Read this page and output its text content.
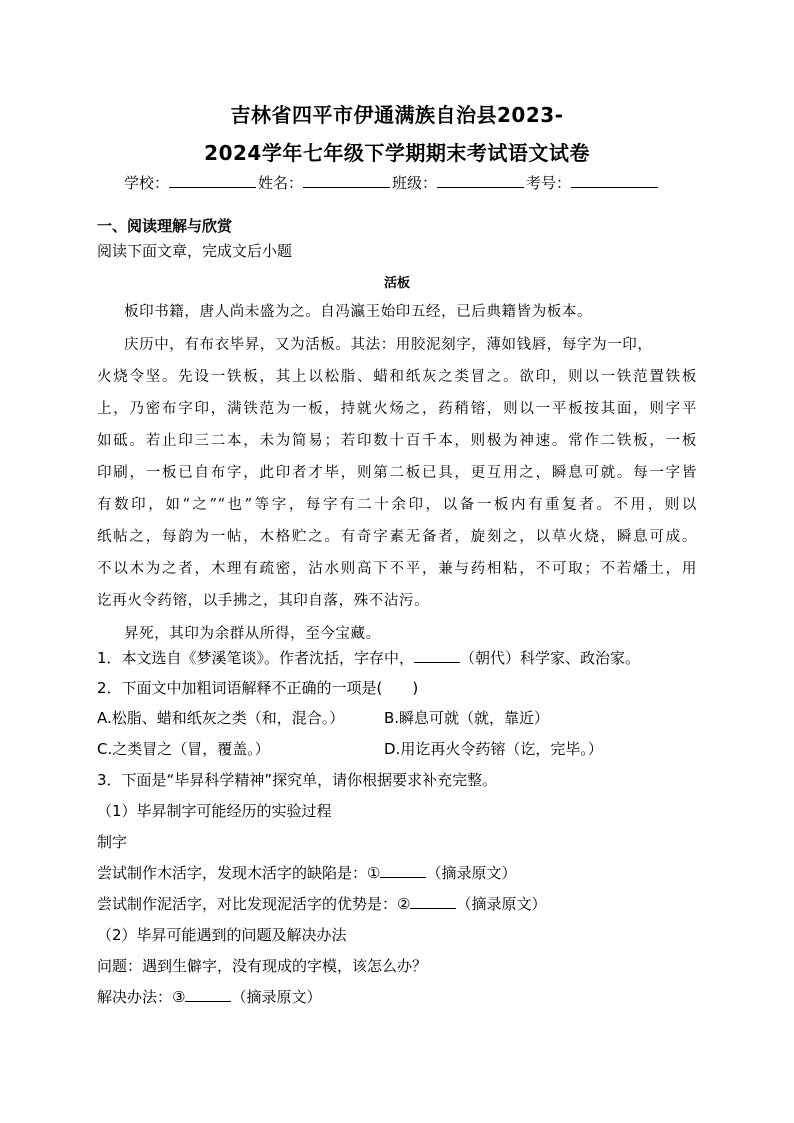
吉林省四平市伊通满族自治县2023-
2024学年七年级下学期期末考试语文试卷
学校：	姓名：	班级：	考号：
一、阅读理解与欣赏
阅读下面文章，完成文后小题
活板
板印书籍，唐人尚未盛为之。自冯瀛王始印五经，已后典籍皆为板本。
庆历中，有布衣毕昇，又为活板。其法：用胶泥刻字，薄如钱唇，每字为一印，
火烧令坚。先设一铁板，其上以松脂、蜡和纸灰之类冒之。欲印，则以一铁范置铁板
上，乃密布字印，满铁范为一板，持就火炀之，药稍镕，则以一平板按其面，则字平
如砥。若止印三二本，未为简易；若印数十百千本，则极为神速。常作二铁板，一板
印刷，一板已自布字，此印者才毕，则第二板已具，更互用之，瞬息可就。每一字皆
有数印，如“之”“也”等字，每字有二十余印，以备一板内有重复者。不用，则以
纸帖之，每韵为一帖，木格贮之。有奇字素无备者，旋刻之，以草火烧，瞬息可成。
不以木为之者，木理有疏密，沾水则高下不平，兼与药相粘，不可取；不若燔土，用
讫再火令药镕，以手拂之，其印自落，殊不沾污。
昇死，其印为余群从所得，至今宝藏。
1．本文选自《梦溪笔谈》。作者沈括，字存中，	（朝代）科学家、政治家。
2．下面文中加粗词语解释不正确的一项是(　　)
A.松脂、蜡和纸灰之类（和，混合。）	B.瞬息可就（就，靠近）
C.之类冒之（冒，覆盖。）	D.用讫再火令药镕（讫，完毕。）
3．下面是“毕昇科学精神”探究单，请你根据要求补充完整。
（1）毕昇制字可能经历的实验过程
制字
尝试制作木活字，发现木活字的缺陷是：①	（摘录原文）
尝试制作泥活字，对比发现泥活字的优势是：②	（摘录原文）
（2）毕昇可能遇到的问题及解决办法
问题：遇到生僻字，没有现成的字模，该怎么办？
解决办法：③	（摘录原文）
